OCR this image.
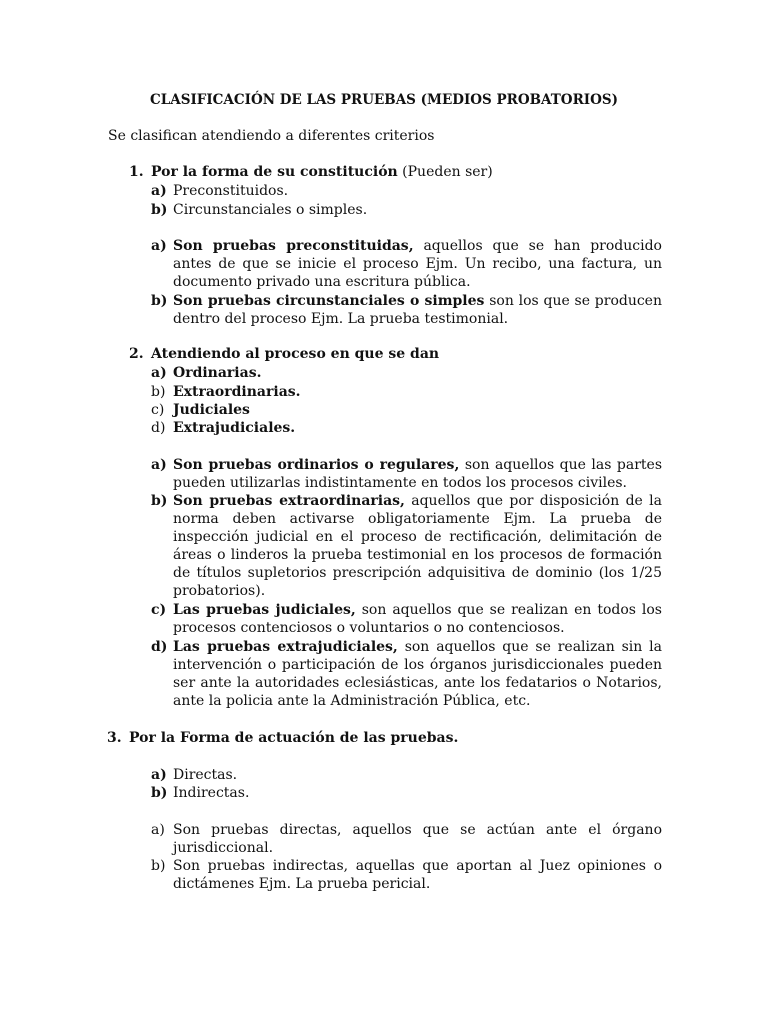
CLASIFICACIÓN DE LAS PRUEBAS (MEDIOS PROBATORIOS)
Se clasifican atendiendo a diferentes criterios
1. Por la forma de su constitución (Pueden ser)
a) Preconstituidos.
b) Circunstanciales o simples.
a) Son pruebas preconstituidas, aquellos que se han producido antes de que se inicie el proceso Ejm. Un recibo, una factura, un documento privado una escritura pública.
b) Son pruebas circunstanciales o simples son los que se producen dentro del proceso Ejm. La prueba testimonial.
2. Atendiendo al proceso en que se dan
a) Ordinarias.
b) Extraordinarias.
c) Judiciales
d) Extrajudiciales.
a) Son pruebas ordinarios o regulares, son aquellos que las partes pueden utilizarlas indistintamente en todos los procesos civiles.
b) Son pruebas extraordinarias, aquellos que por disposición de la norma deben activarse obligatoriamente Ejm. La prueba de inspección judicial en el proceso de rectificación, delimitación de áreas o linderos la prueba testimonial en los procesos de formación de títulos supletorios prescripción adquisitiva de dominio (los 1/25 probatorios).
c) Las pruebas judiciales, son aquellos que se realizan en todos los procesos contenciosos o voluntarios o no contenciosos.
d) Las pruebas extrajudiciales, son aquellos que se realizan sin la intervención o participación de los órganos jurisdiccionales pueden ser ante la autoridades eclesiásticas, ante los fedatarios o Notarios, ante la policia ante la Administración Pública, etc.
3. Por la Forma de actuación de las pruebas.
a) Directas.
b) Indirectas.
a) Son pruebas directas, aquellos que se actúan ante el órgano jurisdiccional.
b) Son pruebas indirectas, aquellas que aportan al Juez opiniones o dictámenes Ejm. La prueba pericial.
